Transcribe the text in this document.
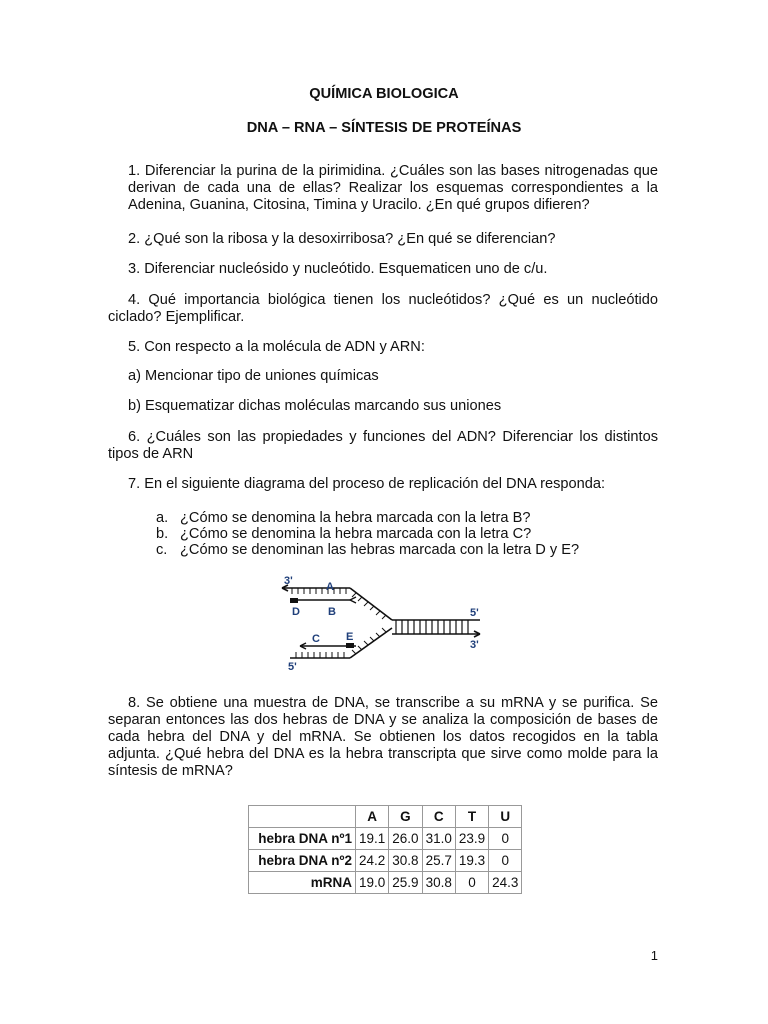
QUÍMICA BIOLOGICA
DNA – RNA – SÍNTESIS DE PROTEÍNAS
1. Diferenciar la purina de la pirimidina. ¿Cuáles son las bases nitrogenadas que derivan de cada una de ellas? Realizar los esquemas correspondientes a la Adenina, Guanina, Citosina, Timina y Uracilo. ¿En qué grupos difieren?
2. ¿Qué son la ribosa y la desoxirribosa? ¿En qué se diferencian?
3. Diferenciar nucleósido y nucleótido. Esquematicen uno de c/u.
4. Qué importancia biológica tienen los nucleótidos? ¿Qué es un nucleótido ciclado? Ejemplificar.
5. Con respecto a la molécula de ADN y ARN:
a) Mencionar tipo de uniones químicas
b) Esquematizar dichas moléculas marcando sus uniones
6. ¿Cuáles son las propiedades y funciones del ADN? Diferenciar los distintos tipos de ARN
7. En el siguiente diagrama del proceso de replicación del DNA responda:
a. ¿Cómo se denomina la hebra marcada con la letra B?
b. ¿Cómo se denomina la hebra marcada con la letra C?
c. ¿Cómo se denominan las hebras marcada con la letra D y E?
3'	A
D	B
C E
5'
5'
3'
8. Se obtiene una muestra de DNA, se transcribe a su mRNA y se purifica. Se separan entonces las dos hebras de DNA y se analiza la composición de bases de cada hebra del DNA y del mRNA. Se obtienen los datos recogidos en la tabla adjunta. ¿Qué hebra del DNA es la hebra transcripta que sirve como molde para la síntesis de mRNA?
	A	G	C	T	U
hebra DNA nº1	19.1	26.0	31.0	23.9	0
hebra DNA nº2	24.2	30.8	25.7	19.3	0
mRNA	19.0	25.9	30.8	0	24.3
1
